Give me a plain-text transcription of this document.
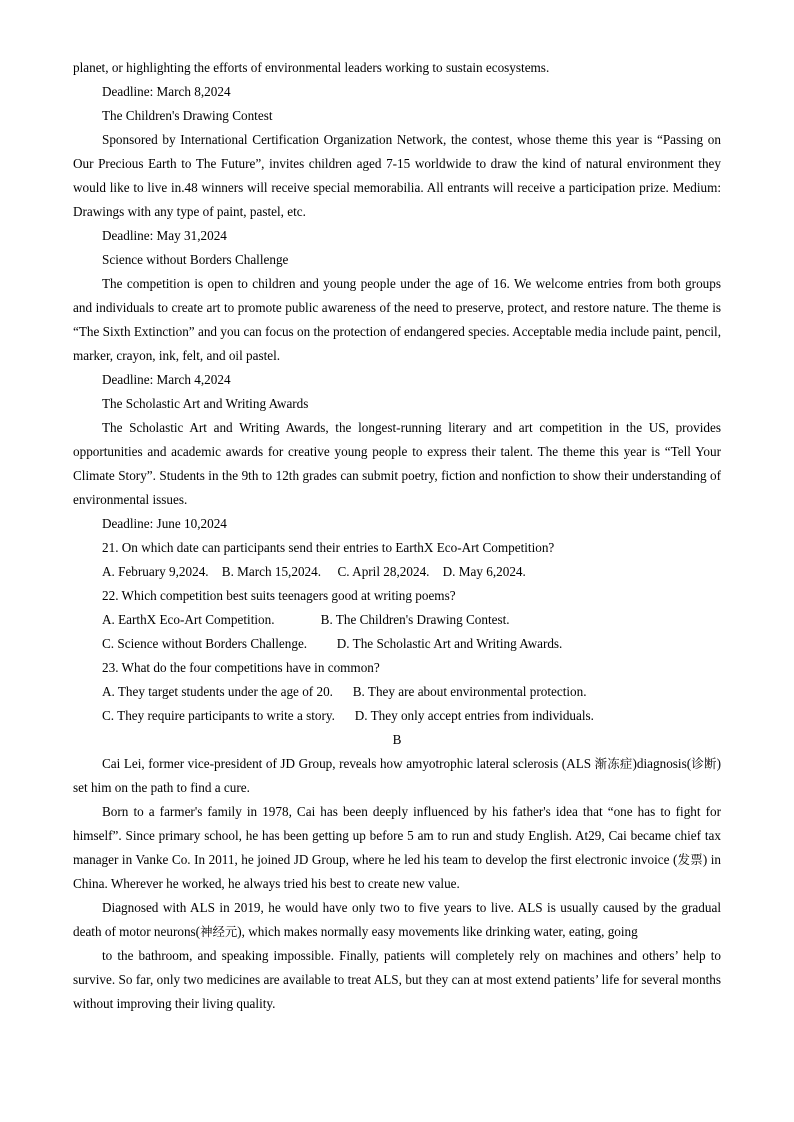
planet, or highlighting the efforts of environmental leaders working to sustain ecosystems.

Deadline: March 8,2024

The Children's Drawing Contest

Sponsored by International Certification Organization Network, the contest, whose theme this year is “Passing on Our Precious Earth to The Future”, invites children aged 7-15 worldwide to draw the kind of natural environment they would like to live in.48 winners will receive special memorabilia. All entrants will receive a participation prize. Medium: Drawings with any type of paint, pastel, etc.

Deadline: May 31,2024

Science without Borders Challenge

The competition is open to children and young people under the age of 16. We welcome entries from both groups and individuals to create art to promote public awareness of the need to preserve, protect, and restore nature. The theme is “The Sixth Extinction” and you can focus on the protection of endangered species. Acceptable media include paint, pencil, marker, crayon, ink, felt, and oil pastel.

Deadline: March 4,2024

The Scholastic Art and Writing Awards

The Scholastic Art and Writing Awards, the longest-running literary and art competition in the US, provides opportunities and academic awards for creative young people to express their talent. The theme this year is “Tell Your Climate Story”. Students in the 9th to 12th grades can submit poetry, fiction and nonfiction to show their understanding of environmental issues.

Deadline: June 10,2024

21. On which date can participants send their entries to EarthX Eco-Art Competition?

A. February 9,2024.    B. March 15,2024.     C. April 28,2024.    D. May 6,2024.

22. Which competition best suits teenagers good at writing poems?

A. EarthX Eco-Art Competition.              B. The Children's Drawing Contest.

C. Science without Borders Challenge.         D. The Scholastic Art and Writing Awards.

23. What do the four competitions have in common?

A. They target students under the age of 20.      B. They are about environmental protection.

C. They require participants to write a story.      D. They only accept entries from individuals.

B

Cai Lei, former vice-president of JD Group, reveals how amyotrophic lateral sclerosis (ALS 渐冻症)diagnosis(诊断) set him on the path to find a cure.

Born to a farmer's family in 1978, Cai has been deeply influenced by his father's idea that “one has to fight for himself”. Since primary school, he has been getting up before 5 am to run and study English. At29, Cai became chief tax manager in Vanke Co. In 2011, he joined JD Group, where he led his team to develop the first electronic invoice (发票) in China. Wherever he worked, he always tried his best to create new value.

Diagnosed with ALS in 2019, he would have only two to five years to live. ALS is usually caused by the gradual death of motor neurons(神经元), which makes normally easy movements like drinking water, eating, going

to the bathroom, and speaking impossible. Finally, patients will completely rely on machines and others’ help to survive. So far, only two medicines are available to treat ALS, but they can at most extend patients’ life for several months without improving their living quality.
